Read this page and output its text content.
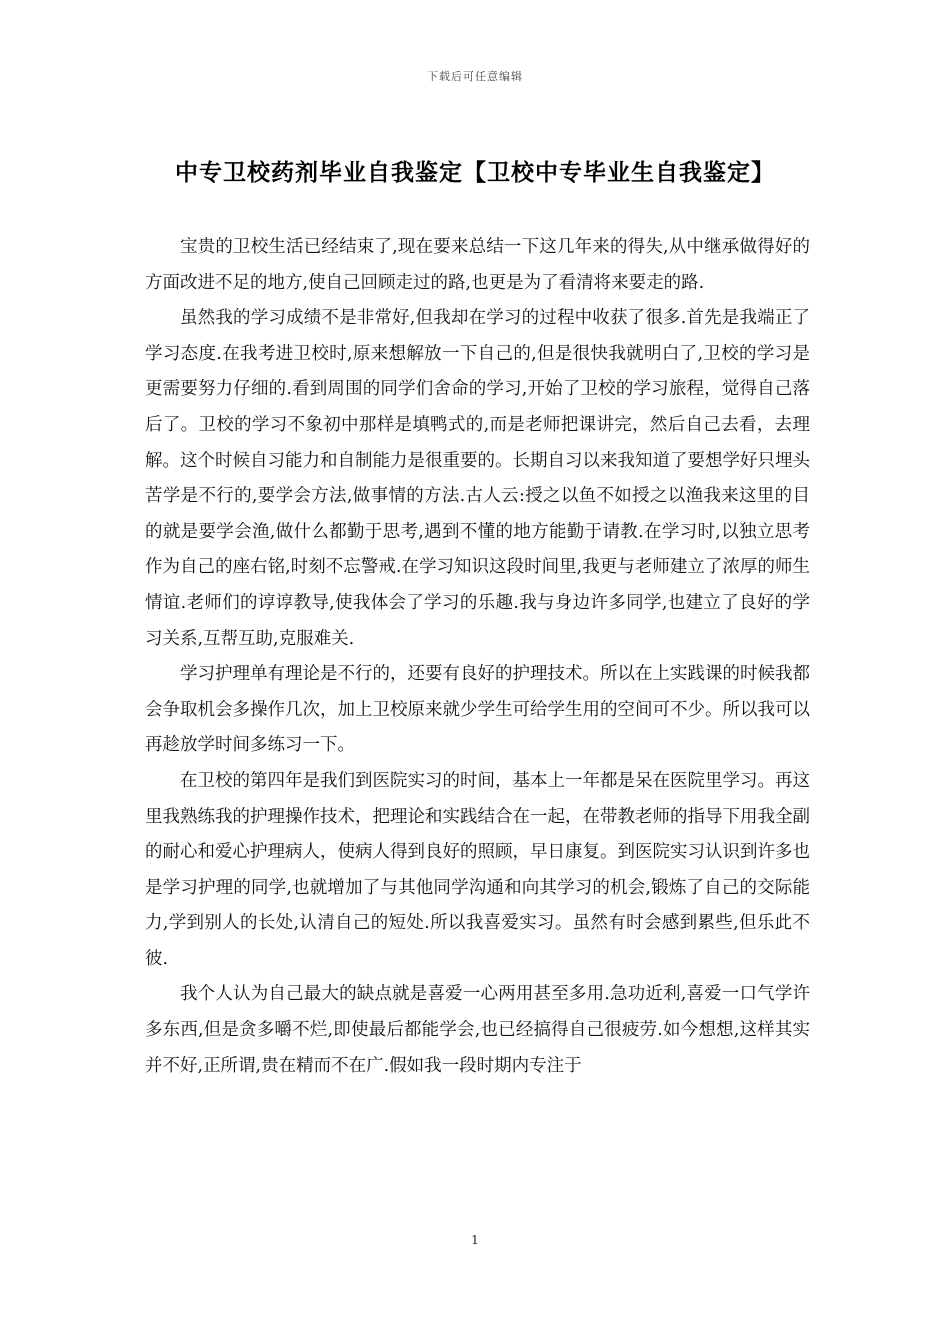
下载后可任意编辑
中专卫校药剂毕业自我鉴定【卫校中专毕业生自我鉴定】

宝贵的卫校生活已经结束了,现在要来总结一下这几年来的得失,从中继承做得好的方面改进不足的地方,使自己回顾走过的路,也更是为了看清将来要走的路.

虽然我的学习成绩不是非常好,但我却在学习的过程中收获了很多.首先是我端正了学习态度.在我考进卫校时,原来想解放一下自己的,但是很快我就明白了,卫校的学习是更需要努力仔细的.看到周围的同学们舍命的学习,开始了卫校的学习旅程，觉得自己落后了。卫校的学习不象初中那样是填鸭式的,而是老师把课讲完，然后自己去看，去理解。这个时候自习能力和自制能力是很重要的。长期自习以来我知道了要想学好只埋头苦学是不行的,要学会方法,做事情的方法.古人云:授之以鱼不如授之以渔我来这里的目的就是要学会渔,做什么都勤于思考,遇到不懂的地方能勤于请教.在学习时,以独立思考作为自己的座右铭,时刻不忘警戒.在学习知识这段时间里,我更与老师建立了浓厚的师生情谊.老师们的谆谆教导,使我体会了学习的乐趣.我与身边许多同学,也建立了良好的学习关系,互帮互助,克服难关.

学习护理单有理论是不行的，还要有良好的护理技术。所以在上实践课的时候我都会争取机会多操作几次，加上卫校原来就少学生可给学生用的空间可不少。所以我可以再趁放学时间多练习一下。

在卫校的第四年是我们到医院实习的时间，基本上一年都是呆在医院里学习。再这里我熟练我的护理操作技术，把理论和实践结合在一起，在带教老师的指导下用我全副的耐心和爱心护理病人，使病人得到良好的照顾，早日康复。到医院实习认识到许多也是学习护理的同学,也就增加了与其他同学沟通和向其学习的机会,锻炼了自己的交际能力,学到别人的长处,认清自己的短处.所以我喜爱实习。虽然有时会感到累些,但乐此不彼.

我个人认为自己最大的缺点就是喜爱一心两用甚至多用.急功近利,喜爱一口气学许多东西,但是贪多嚼不烂,即使最后都能学会,也已经搞得自己很疲劳.如今想想,这样其实并不好,正所谓,贵在精而不在广.假如我一段时期内专注于

1
